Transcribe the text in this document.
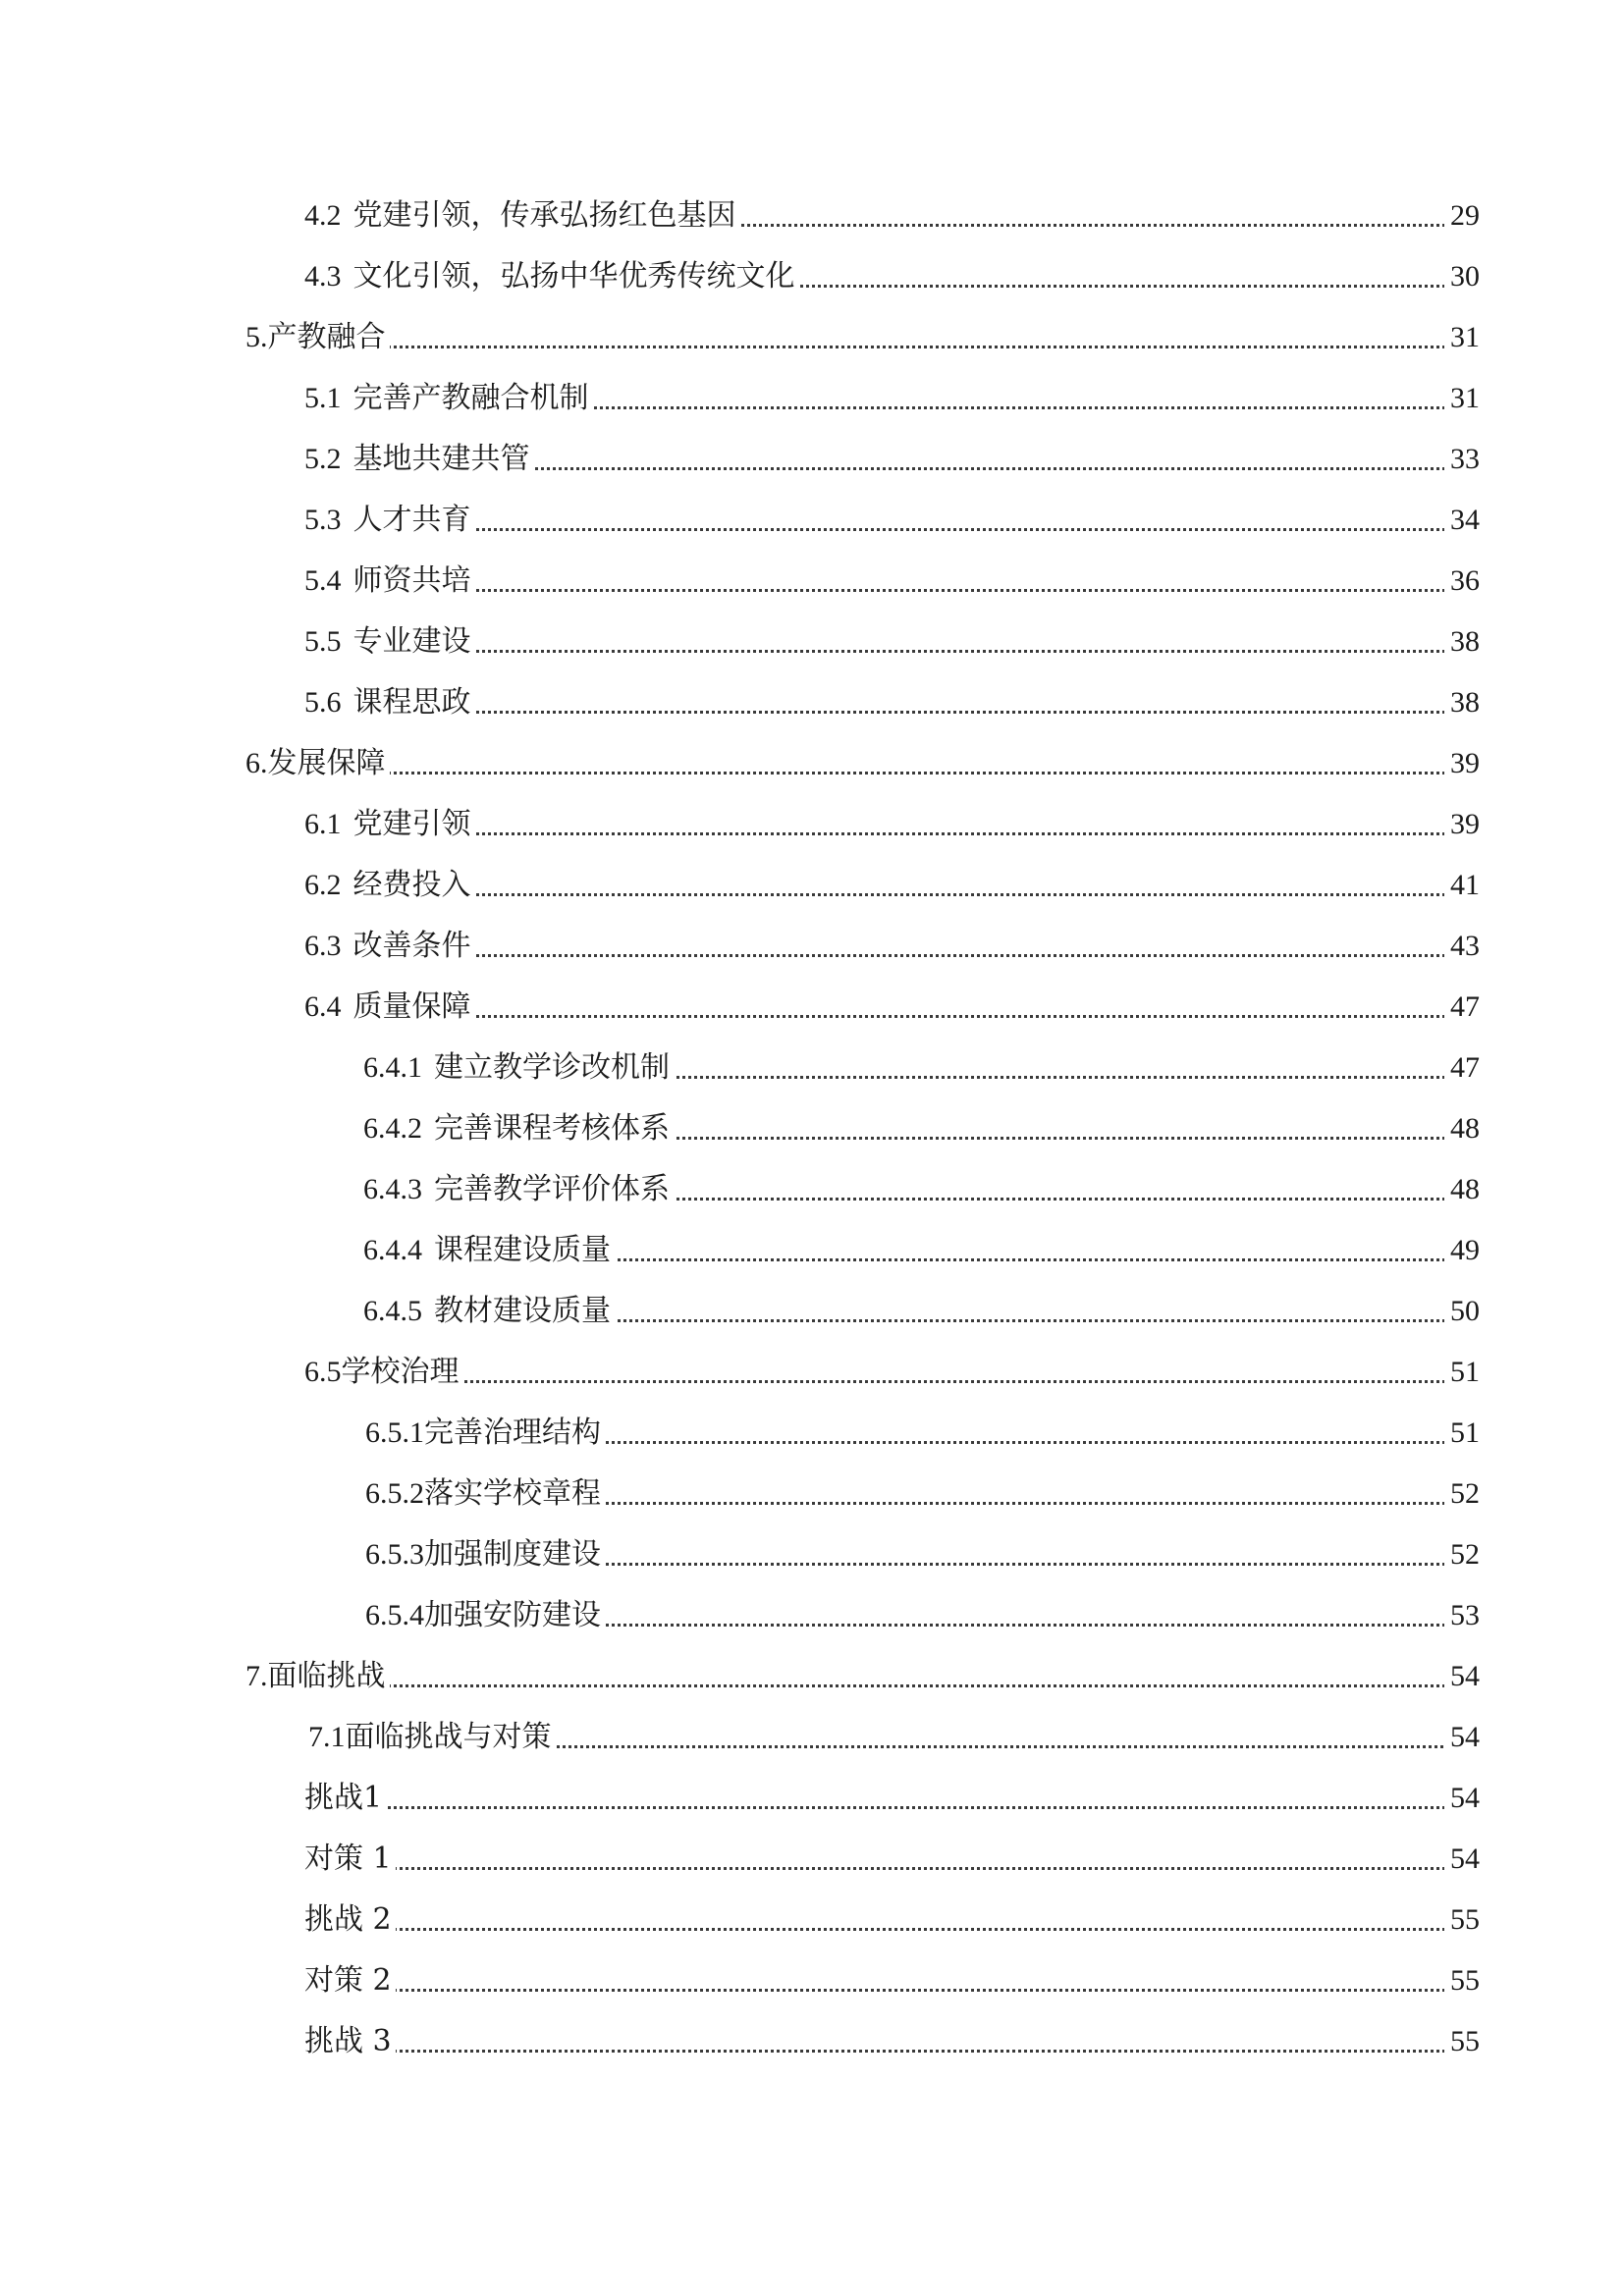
4.2 党建引领，传承弘扬红色基因	29
4.3 文化引领，弘扬中华优秀传统文化	30
5.产教融合	31
5.1 完善产教融合机制	31
5.2 基地共建共管	33
5.3 人才共育	34
5.4 师资共培	36
5.5 专业建设	38
5.6 课程思政	38
6.发展保障	39
6.1 党建引领	39
6.2 经费投入	41
6.3 改善条件	43
6.4 质量保障	47
6.4.1 建立教学诊改机制	47
6.4.2 完善课程考核体系	48
6.4.3 完善教学评价体系	48
6.4.4 课程建设质量	49
6.4.5 教材建设质量	50
6.5学校治理	51
6.5.1完善治理结构	51
6.5.2落实学校章程	52
6.5.3加强制度建设	52
6.5.4加强安防建设	53
7.面临挑战	54
7.1面临挑战与对策	54
挑战1	54
对策 1	54
挑战 2	55
对策 2	55
挑战 3	55
